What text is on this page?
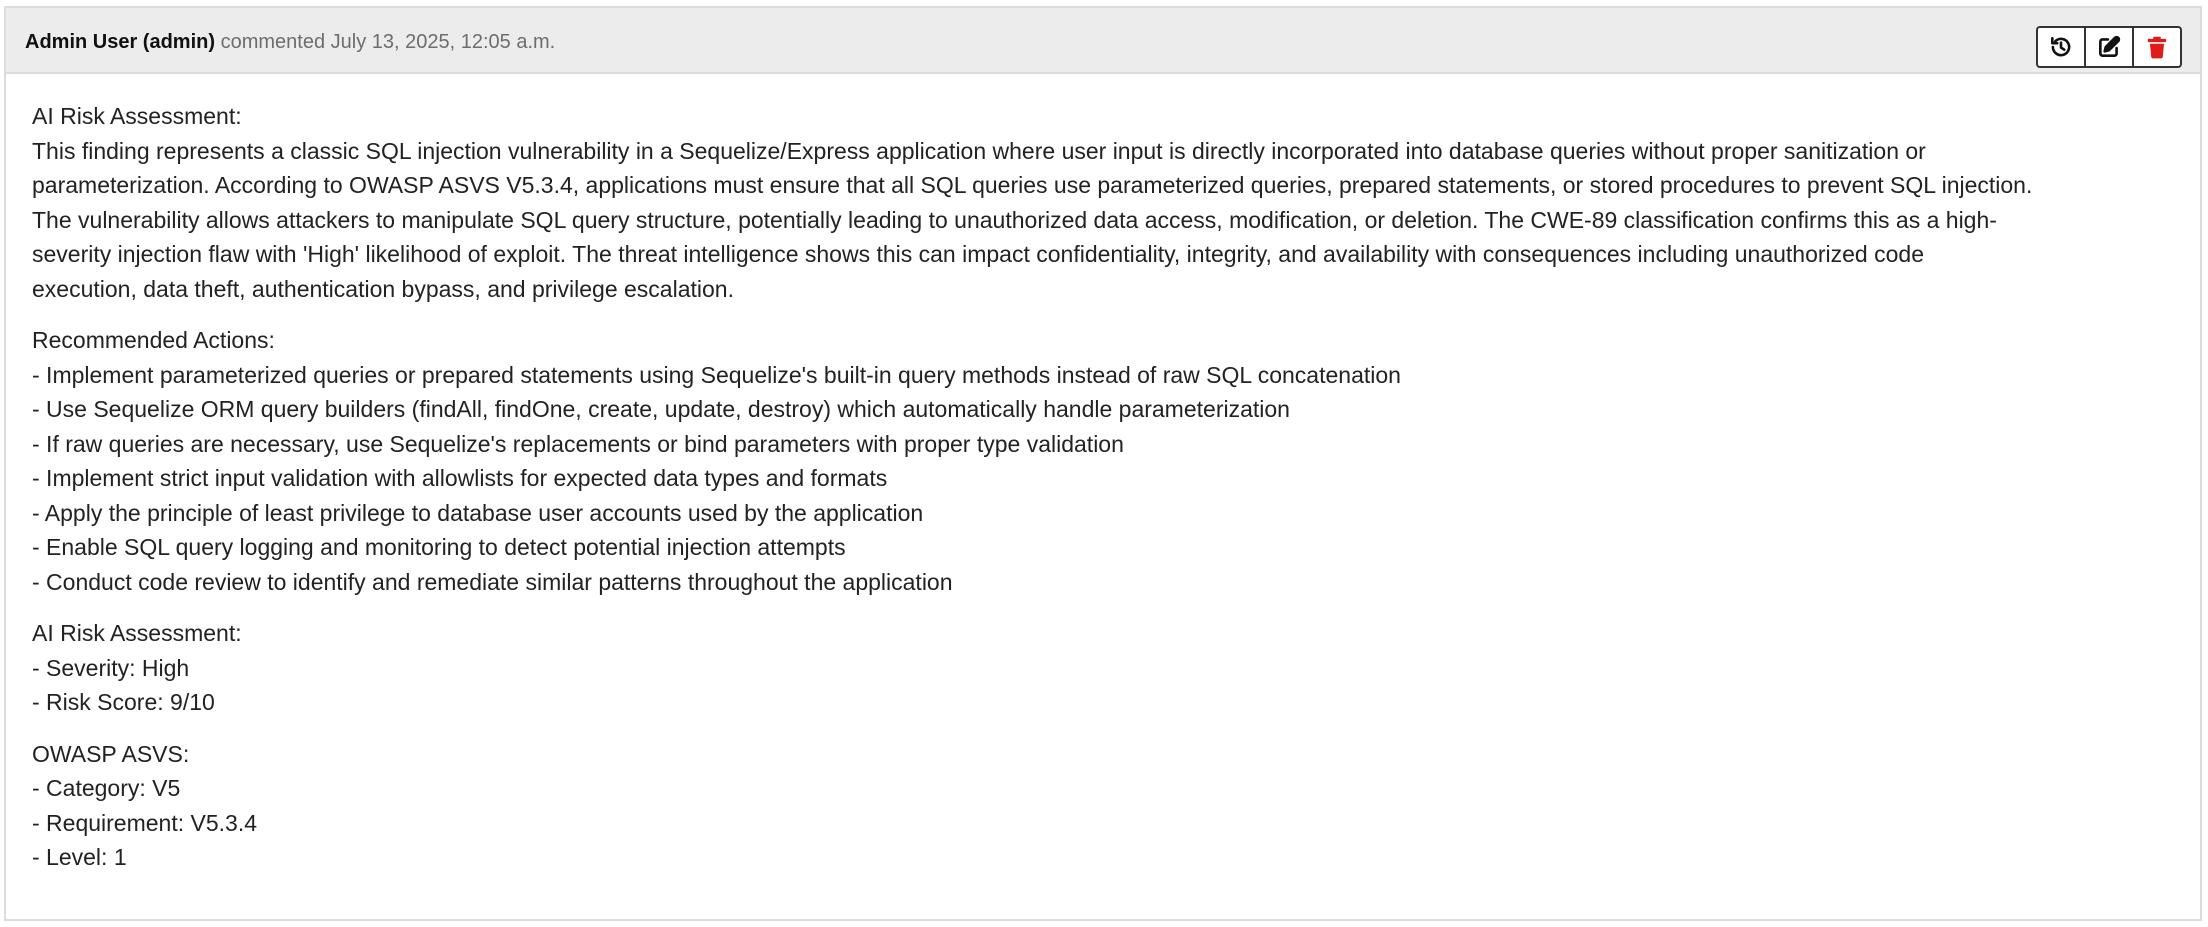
Admin User (admin) commented July 13, 2025, 12:05 a.m.

AI Risk Assessment:
This finding represents a classic SQL injection vulnerability in a Sequelize/Express application where user input is directly incorporated into database queries without proper sanitization or
parameterization. According to OWASP ASVS V5.3.4, applications must ensure that all SQL queries use parameterized queries, prepared statements, or stored procedures to prevent SQL injection.
The vulnerability allows attackers to manipulate SQL query structure, potentially leading to unauthorized data access, modification, or deletion. The CWE-89 classification confirms this as a high-
severity injection flaw with 'High' likelihood of exploit. The threat intelligence shows this can impact confidentiality, integrity, and availability with consequences including unauthorized code
execution, data theft, authentication bypass, and privilege escalation.

Recommended Actions:
- Implement parameterized queries or prepared statements using Sequelize's built-in query methods instead of raw SQL concatenation
- Use Sequelize ORM query builders (findAll, findOne, create, update, destroy) which automatically handle parameterization
- If raw queries are necessary, use Sequelize's replacements or bind parameters with proper type validation
- Implement strict input validation with allowlists for expected data types and formats
- Apply the principle of least privilege to database user accounts used by the application
- Enable SQL query logging and monitoring to detect potential injection attempts
- Conduct code review to identify and remediate similar patterns throughout the application

AI Risk Assessment:
- Severity: High
- Risk Score: 9/10

OWASP ASVS:
- Category: V5
- Requirement: V5.3.4
- Level: 1
